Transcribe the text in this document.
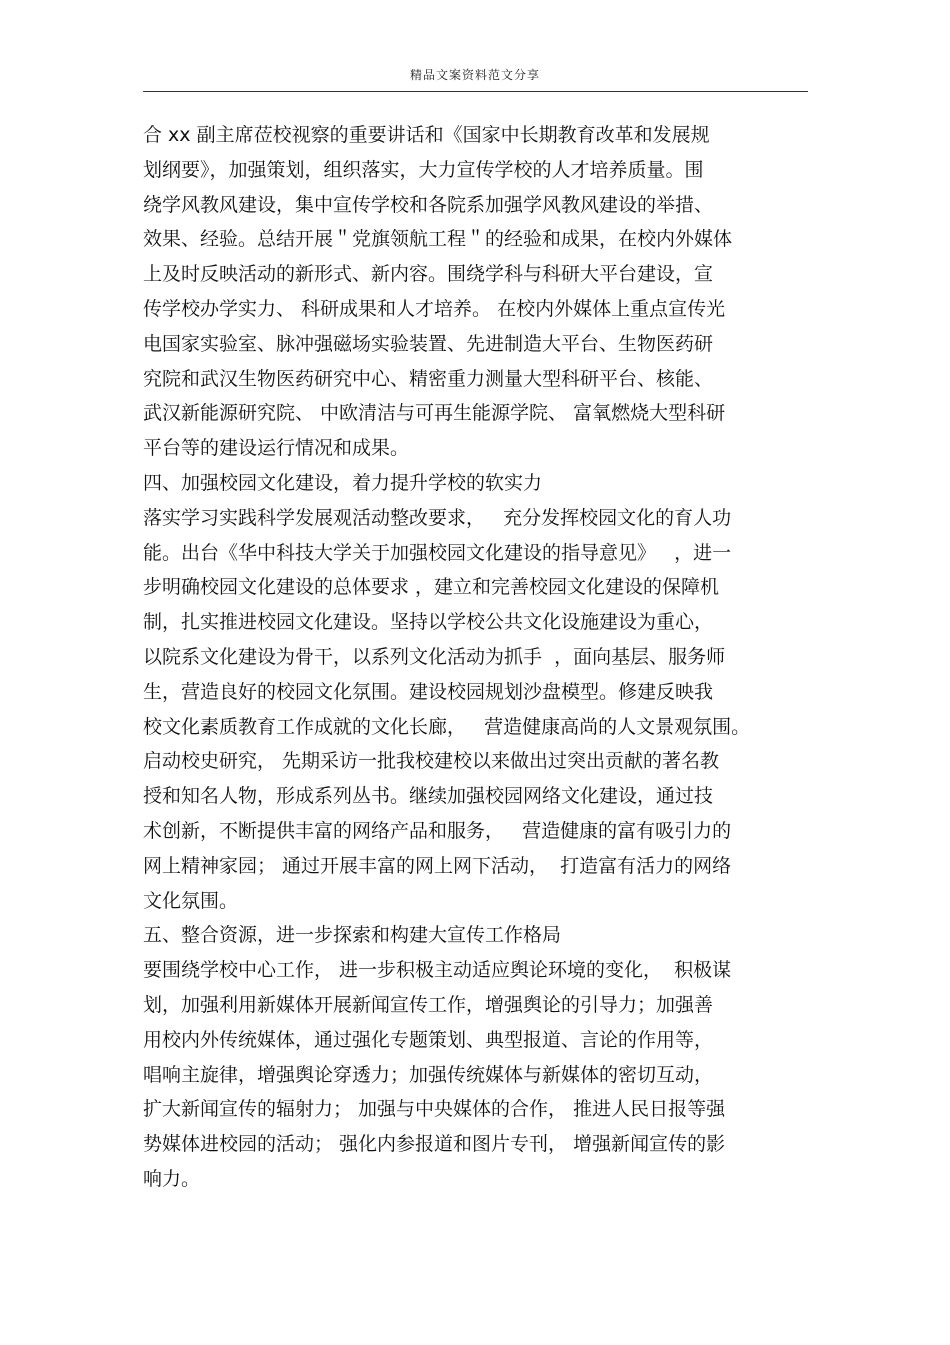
精品文案资料范文分享
合 xx 副主席莅校视察的重要讲话和《国家中长期教育改革和发展规
划纲要》，加强策划，组织落实，大力宣传学校的人才培养质量。围
绕学风教风建设，集中宣传学校和各院系加强学风教风建设的举措、
效果、经验。总结开展＂党旗领航工程＂的经验和成果，在校内外媒体
上及时反映活动的新形式、新内容。围绕学科与科研大平台建设，宣
传学校办学实力、 科研成果和人才培养。 在校内外媒体上重点宣传光
电国家实验室、脉冲强磁场实验装置、先进制造大平台、生物医药研
究院和武汉生物医药研究中心、精密重力测量大型科研平台、核能、
武汉新能源研究院、 中欧清洁与可再生能源学院、 富氧燃烧大型科研
平台等的建设运行情况和成果。
四、加强校园文化建设，着力提升学校的软实力
落实学习实践科学发展观活动整改要求，   充分发挥校园文化的育人功
能。出台《华中科技大学关于加强校园文化建设的指导意见》   ，进一
步明确校园文化建设的总体要求 ，建立和完善校园文化建设的保障机
制，扎实推进校园文化建设。坚持以学校公共文化设施建设为重心，
以院系文化建设为骨干，以系列文化活动为抓手  ，面向基层、服务师
生，营造良好的校园文化氛围。建设校园规划沙盘模型。修建反映我
校文化素质教育工作成就的文化长廊，   营造健康高尚的人文景观氛围。
启动校史研究， 先期采访一批我校建校以来做出过突出贡献的著名教
授和知名人物，形成系列丛书。继续加强校园网络文化建设，通过技
术创新，不断提供丰富的网络产品和服务，   营造健康的富有吸引力的
网上精神家园； 通过开展丰富的网上网下活动，  打造富有活力的网络
文化氛围。
五、整合资源，进一步探索和构建大宣传工作格局
要围绕学校中心工作， 进一步积极主动适应舆论环境的变化，  积极谋
划，加强利用新媒体开展新闻宣传工作，增强舆论的引导力；加强善
用校内外传统媒体，通过强化专题策划、典型报道、言论的作用等，
唱响主旋律，增强舆论穿透力；加强传统媒体与新媒体的密切互动，
扩大新闻宣传的辐射力； 加强与中央媒体的合作， 推进人民日报等强
势媒体进校园的活动； 强化内参报道和图片专刊， 增强新闻宣传的影
响力。
